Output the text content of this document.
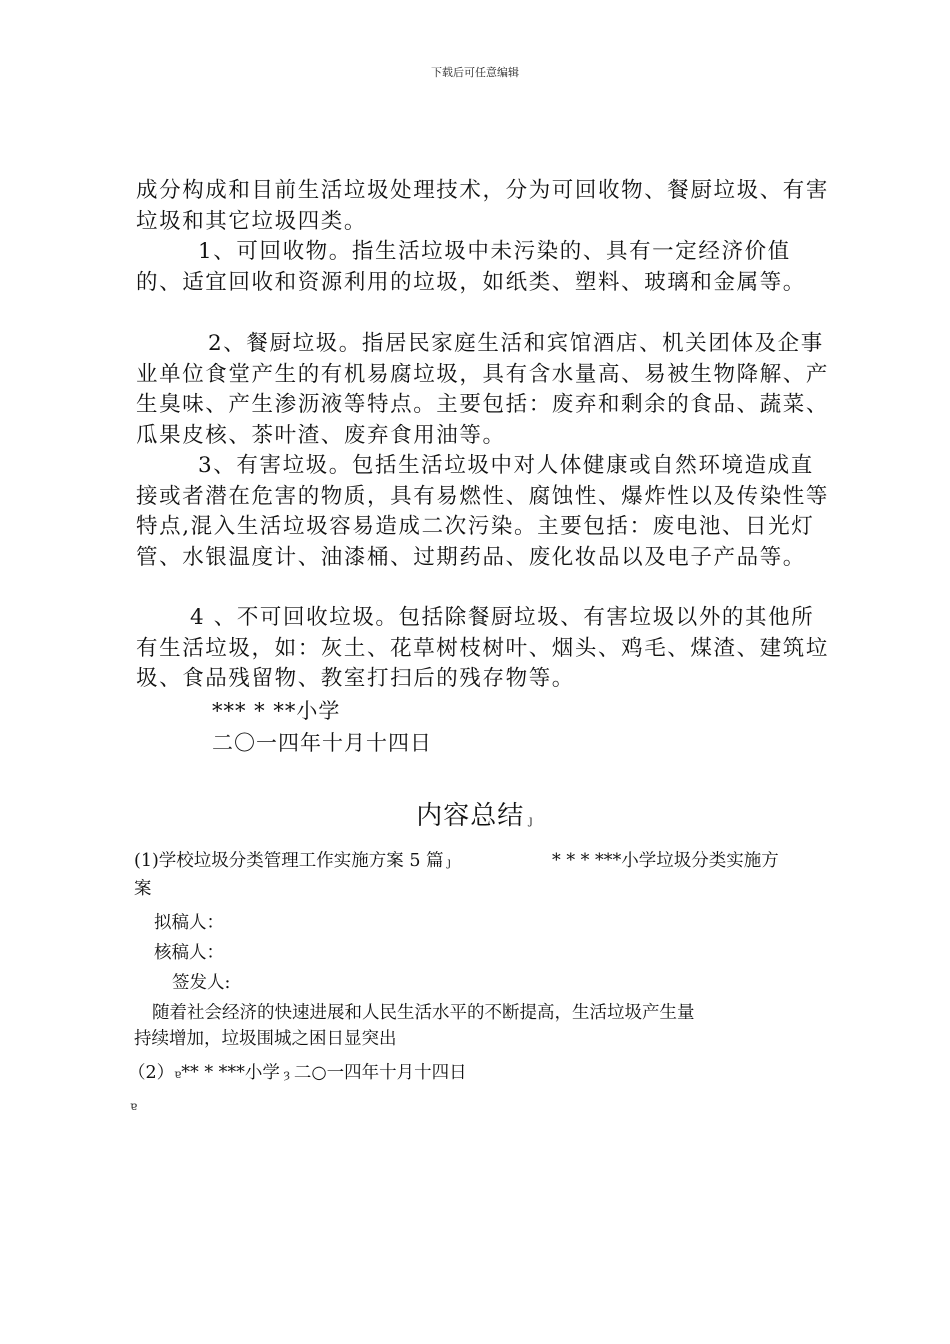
下载后可任意编辑

成分构成和目前生活垃圾处理技术，分为可回收物、餐厨垃圾、有害垃圾和其它垃圾四类。

1、可回收物。指生活垃圾中未污染的、具有一定经济价值的、适宜回收和资源利用的垃圾，如纸类、塑料、玻璃和金属等。

2、餐厨垃圾。指居民家庭生活和宾馆酒店、机关团体及企事业单位食堂产生的有机易腐垃圾，具有含水量高、易被生物降解、产生臭味、产生渗沥液等特点。主要包括：废弃和剩余的食品、蔬菜、瓜果皮核、茶叶渣、废弃食用油等。

3、有害垃圾。包括生活垃圾中对人体健康或自然环境造成直接或者潜在危害的物质，具有易燃性、腐蚀性、爆炸性以及传染性等特点,混入生活垃圾容易造成二次污染。主要包括：废电池、日光灯管、水银温度计、油漆桶、过期药品、废化妆品以及电子产品等。

4 、不可回收垃圾。包括除餐厨垃圾、有害垃圾以外的其他所有生活垃圾，如：灰土、花草树枝树叶、烟头、鸡毛、煤渣、建筑垃圾、食品残留物、教室打扫后的残存物等。

*** * **小学
二〇一四年十月十四日
内容总结 ȷ
(1)学校垃圾分类管理工作实施方案 5 篇 ȷ	* * * ***小学垃圾分类实施方
案
拟稿人：
核稿人：
签发人:
随着社会经济的快速进展和人民生活水平的不断提高，生活垃圾产生量
持续增加，垃圾围城之困日显突出
（2）ɐ** * ***小学 ȝ 二○一四年十月十四日
ɐ
